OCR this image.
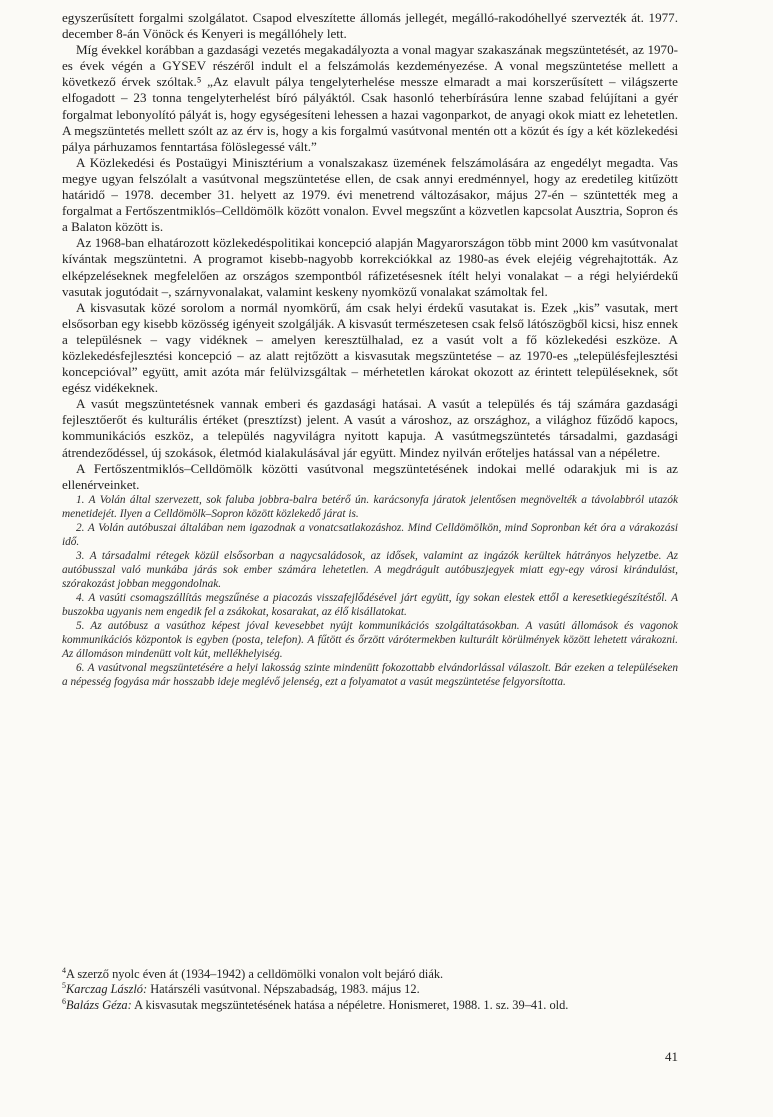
egyszerűsített forgalmi szolgálatot. Csapod elveszítette állomás jellegét, megálló-rakodóhellyé szervezték át. 1977. december 8-án Vönöck és Kenyeri is megállóhely lett.

Míg évekkel korábban a gazdasági vezetés megakadályozta a vonal magyar szakaszának megszüntetését, az 1970-es évek végén a GYSEV részéről indult el a felszámolás kezdeményezése. A vonal megszüntetése mellett a következő érvek szóltak.⁵ „Az elavult pálya tengelyterhelése messze elmaradt a mai korszerűsített – világszerte elfogadott – 23 tonna tengelyterhelést bíró pályáktól. Csak hasonló teherbírásúra lenne szabad felújítani a gyér forgalmat lebonyolító pályát is, hogy egységesíteni lehessen a hazai vagonparkot, de anyagi okok miatt ez lehetetlen. A megszüntetés mellett szólt az az érv is, hogy a kis forgalmú vasútvonal mentén ott a közút és így a két közlekedési pálya párhuzamos fenntartása fölöslegessé vált.”

A Közlekedési és Postaügyi Minisztérium a vonalszakasz üzemének felszámolására az engedélyt megadta. Vas megye ugyan felszólalt a vasútvonal megszüntetése ellen, de csak annyi eredménnyel, hogy az eredetileg kitűzött határidő – 1978. december 31. helyett az 1979. évi menetrend változásakor, május 27-én – szüntették meg a forgalmat a Fertőszentmiklós–Celldömölk között vonalon. Evvel megszűnt a közvetlen kapcsolat Ausztria, Sopron és a Balaton között is.

Az 1968-ban elhatározott közlekedéspolitikai koncepció alapján Magyarországon több mint 2000 km vasútvonalat kívántak megszüntetni. A programot kisebb-nagyobb korrekciókkal az 1980-as évek elejéig végrehajtották. Az elképzeléseknek megfelelően az országos szempontból ráfizetésesnek ítélt helyi vonalakat – a régi helyiérdekű vasutak jogutódait –, szárnyvonalakat, valamint keskeny nyomközű vonalakat számoltak fel.

A kisvasutak közé sorolom a normál nyomkörű, ám csak helyi érdekű vasutakat is. Ezek „kis” vasutak, mert elsősorban egy kisebb közösség igényeit szolgálják. A kisvasút természetesen csak felső látószögből kicsi, hisz ennek a településnek – vagy vidéknek – amelyen keresztülhalad, ez a vasút volt a fő közlekedési eszköze. A közlekedésfejlesztési koncepció – az alatt rejtőzött a kisvasutak megszüntetése – az 1970-es „településfejlesztési koncepcióval” együtt, amit azóta már felülvizsgáltak – mérhetetlen károkat okozott az érintett településeknek, sőt egész vidékeknek.

A vasút megszüntetésnek vannak emberi és gazdasági hatásai. A vasút a település és táj számára gazdasági fejlesztőerőt és kulturális értéket (presztízst) jelent. A vasút a városhoz, az országhoz, a világhoz fűződő kapocs, kommunikációs eszköz, a település nagyvilágra nyitott kapuja. A vasútmegszüntetés társadalmi, gazdasági átrendeződéssel, új szokások, életmód kialakulásával jár együtt. Mindez nyilván erőteljes hatással van a népéletre.

A Fertőszentmiklós–Celldömölk közötti vasútvonal megszüntetésének indokai mellé odarakjuk mi is az ellenérveinket.

1. A Volán által szervezett, sok faluba jobbra-balra betérő ún. karácsonyfa járatok jelentősen megnövelték a távolabbról utazók menetidejét. Ilyen a Celldömölk–Sopron között közlekedő járat is.

2. A Volán autóbuszai általában nem igazodnak a vonatcsatlakozáshoz. Mind Celldömölkön, mind Sopronban két óra a várakozási idő.

3. A társadalmi rétegek közül elsősorban a nagycsaládosok, az idősek, valamint az ingázók kerültek hátrányos helyzetbe. Az autóbusszal való munkába járás sok ember számára lehetetlen. A megdrágult autóbuszjegyek miatt egy-egy városi kirándulást, szórakozást jobban meggondolnak.

4. A vasúti csomagszállítás megszűnése a piacozás visszafejlődésével járt együtt, így sokan elestek ettől a keresetkiegészítéstől. A buszokba ugyanis nem engedik fel a zsákokat, kosarakat, az élő kisállatokat.

5. Az autóbusz a vasúthoz képest jóval kevesebbet nyújt kommunikációs szolgáltatásokban. A vasúti állomások és vagonok kommunikációs központok is egyben (posta, telefon). A fűtött és őrzött várótermekben kulturált körülmények között lehetett várakozni. Az állomáson mindenütt volt kút, mellékhelyiség.

6. A vasútvonal megszüntetésére a helyi lakosság szinte mindenütt fokozottabb elvándorlással válaszolt. Bár ezeken a településeken a népesség fogyása már hosszabb ideje meglévő jelenség, ezt a folyamatot a vasút megszüntetése felgyorsította.

$^4$A szerző nyolc éven át (1934–1942) a celldömölki vonalon volt bejáró diák.

$^5$Karczag László: Határszéli vasútvonal. Népszabadság, 1983. május 12.

$^6$Balázs Géza: A kisvasutak megszüntetésének hatása a népéletre. Honismeret, 1988. 1. sz. 39–41. old.

41
